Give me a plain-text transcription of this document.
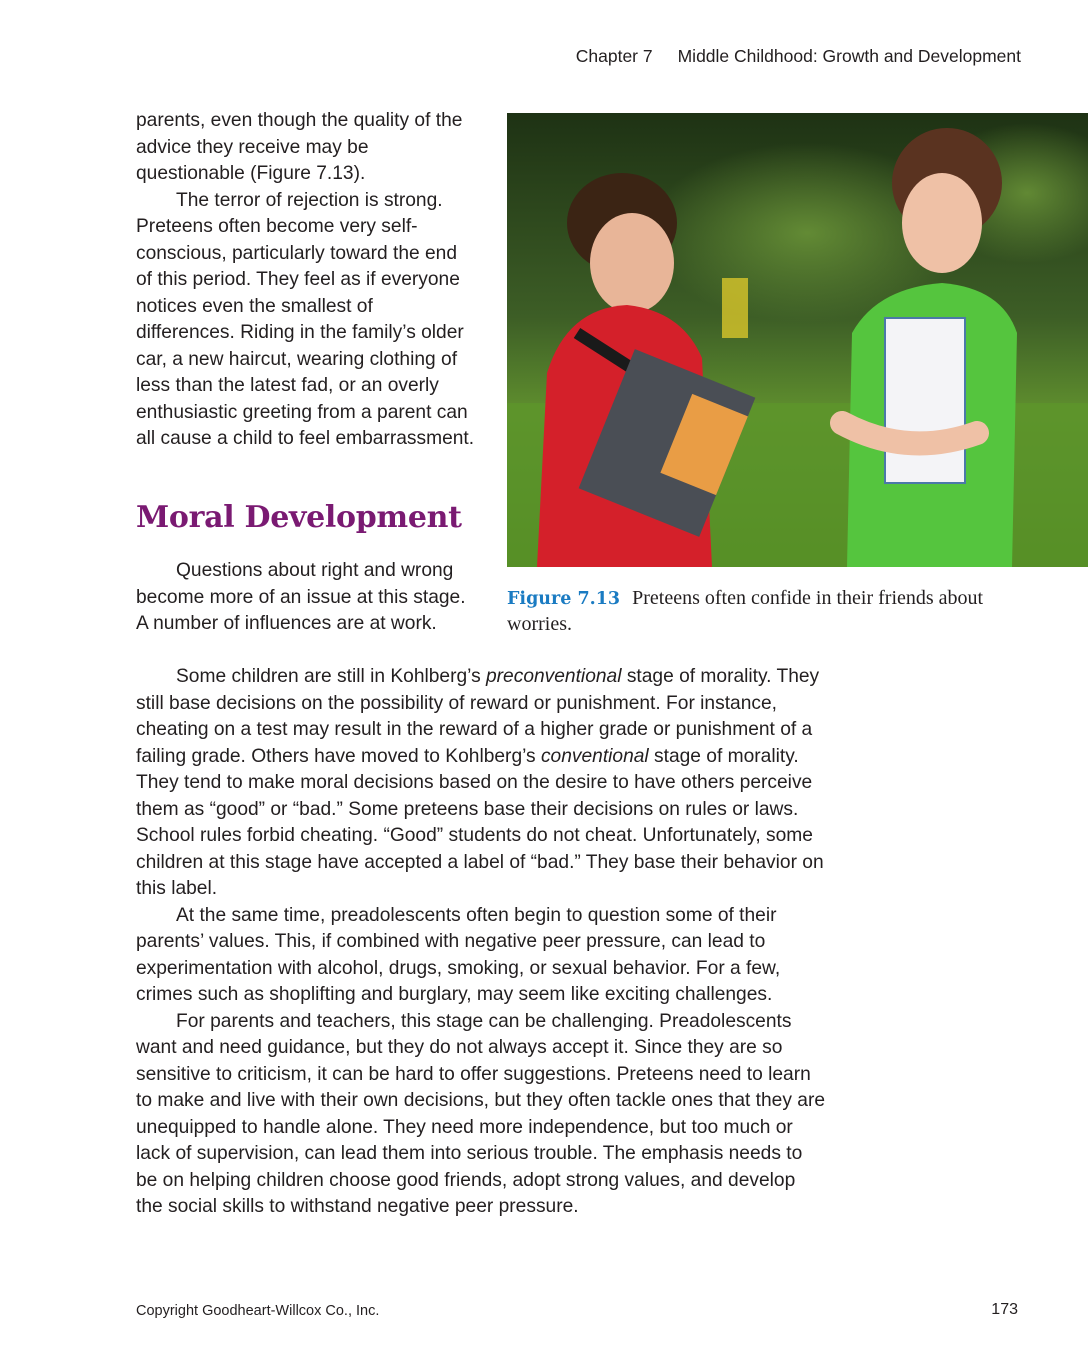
Chapter 7 Middle Childhood: Growth and Development

parents, even though the quality of the advice they receive may be questionable (Figure 7.13).

The terror of rejection is strong. Preteens often become very self-conscious, particularly toward the end of this period. They feel as if everyone notices even the smallest of differences. Riding in the family’s older car, a new haircut, wearing clothing of less than the latest fad, or an overly enthusiastic greeting from a parent can all cause a child to feel embarrassment.

Moral Development

Questions about right and wrong become more of an issue at this stage. A number of influences are at work.

Some children are still in Kohlberg’s preconventional stage of morality. They still base decisions on the possibility of reward or punishment. For instance, cheating on a test may result in the reward of a higher grade or punishment of a failing grade. Others have moved to Kohlberg’s conventional stage of morality. They tend to make moral decisions based on the desire to have others perceive them as “good” or “bad.” Some preteens base their decisions on rules or laws. School rules forbid cheating. “Good” students do not cheat. Unfortunately, some children at this stage have accepted a label of “bad.” They base their behavior on this label.

At the same time, preadolescents often begin to question some of their parents’ values. This, if combined with negative peer pressure, can lead to experimentation with alcohol, drugs, smoking, or sexual behavior. For a few, crimes such as shoplifting and burglary, may seem like exciting challenges.

For parents and teachers, this stage can be challenging. Preadolescents want and need guidance, but they do not always accept it. Since they are so sensitive to criticism, it can be hard to offer suggestions. Preteens need to learn to make and live with their own decisions, but they often tackle ones that they are unequipped to handle alone. They need more independence, but too much or lack of supervision, can lead them into serious trouble. The emphasis needs to be on helping children choose good friends, adopt strong values, and develop the social skills to withstand negative peer pressure.

Figure 7.13 Preteens often confide in their friends about worries.
Copyright Goodheart-Willcox Co., Inc.	173
